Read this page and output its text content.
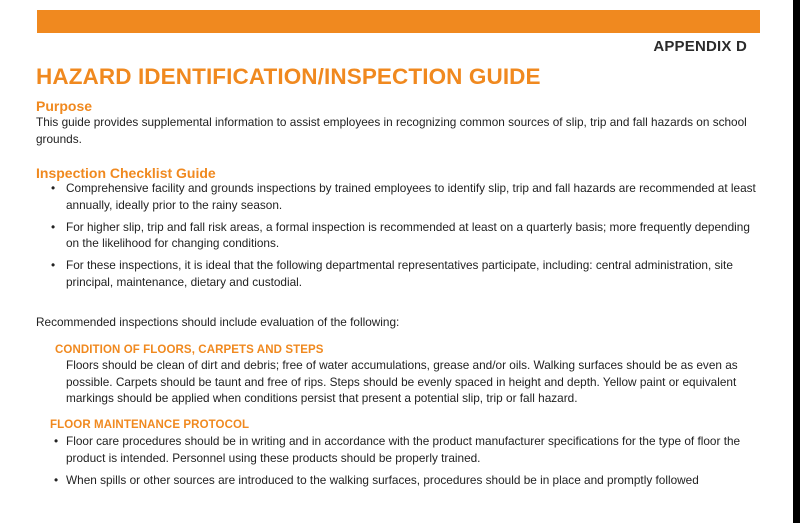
APPENDIX D
HAZARD IDENTIFICATION/INSPECTION GUIDE
Purpose
This guide provides supplemental information to assist employees in recognizing common sources of slip, trip and fall hazards on school grounds.
Inspection Checklist Guide
• Comprehensive facility and grounds inspections by trained employees to identify slip, trip and fall hazards are recommended at least annually, ideally prior to the rainy season.
• For higher slip, trip and fall risk areas, a formal inspection is recommended at least on a quarterly basis; more frequently depending on the likelihood for changing conditions.
• For these inspections, it is ideal that the following departmental representatives participate, including: central administration, site principal, maintenance, dietary and custodial.
Recommended inspections should include evaluation of the following:
CONDITION OF FLOORS, CARPETS AND STEPS
Floors should be clean of dirt and debris; free of water accumulations, grease and/or oils. Walking surfaces should be as even as possible. Carpets should be taunt and free of rips. Steps should be evenly spaced in height and depth. Yellow paint or equivalent markings should be applied when conditions persist that present a potential slip, trip or fall hazard.
FLOOR MAINTENANCE PROTOCOL
• Floor care procedures should be in writing and in accordance with the product manufacturer specifications for the type of floor the product is intended. Personnel using these products should be properly trained.
• When spills or other sources are introduced to the walking surfaces, procedures should be in place and promptly followed
